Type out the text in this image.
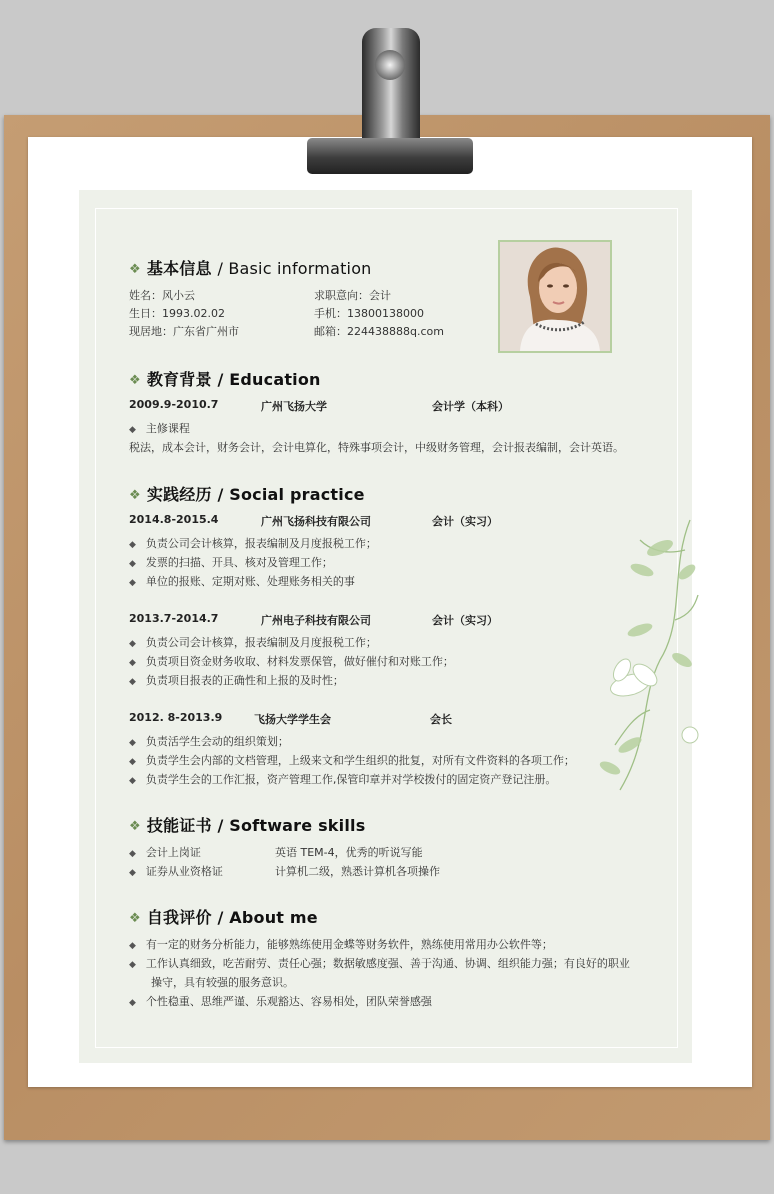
❖ 基本信息 / Basic information
姓名：风小云	求职意向：会计
生日：1993.02.02	手机：13800138000
现居地：广东省广州市	邮箱：224438888q.com
❖ 教育背景 / Education
2009.9-2010.7	广州飞扬大学	会计学（本科）
◆ 主修课程
税法，成本会计，财务会计，会计电算化，特殊事项会计，中级财务管理，会计报表编制，会计英语。
❖ 实践经历 / Social practice
2014.8-2015.4	广州飞扬科技有限公司	会计（实习）
◆ 负责公司会计核算，报表编制及月度报税工作；
◆ 发票的扫描、开具、核对及管理工作；
◆ 单位的报账、定期对账、处理账务相关的事
2013.7-2014.7	广州电子科技有限公司	会计（实习）
◆ 负责公司会计核算，报表编制及月度报税工作；
◆ 负责项目资金财务收取、材料发票保管，做好催付和对账工作；
◆ 负责项目报表的正确性和上报的及时性；
2012. 8-2013.9	飞扬大学学生会	会长
◆ 负责活学生会动的组织策划；
◆ 负责学生会内部的文档管理，上级来文和学生组织的批复，对所有文件资料的各项工作；
◆ 负责学生会的工作汇报，资产管理工作,保管印章并对学校拨付的固定资产登记注册。
❖ 技能证书 / Software skills
◆ 会计上岗证	英语 TEM-4，优秀的听说写能
◆ 证券从业资格证	计算机二级，熟悉计算机各项操作
❖ 自我评价 / About me
◆ 有一定的财务分析能力，能够熟练使用金蝶等财务软件，熟练使用常用办公软件等；
◆ 工作认真细致，吃苦耐劳、责任心强；数据敏感度强、善于沟通、协调、组织能力强；有良好的职业
操守，具有较强的服务意识。
◆ 个性稳重、思维严谨、乐观豁达、容易相处，团队荣誉感强
